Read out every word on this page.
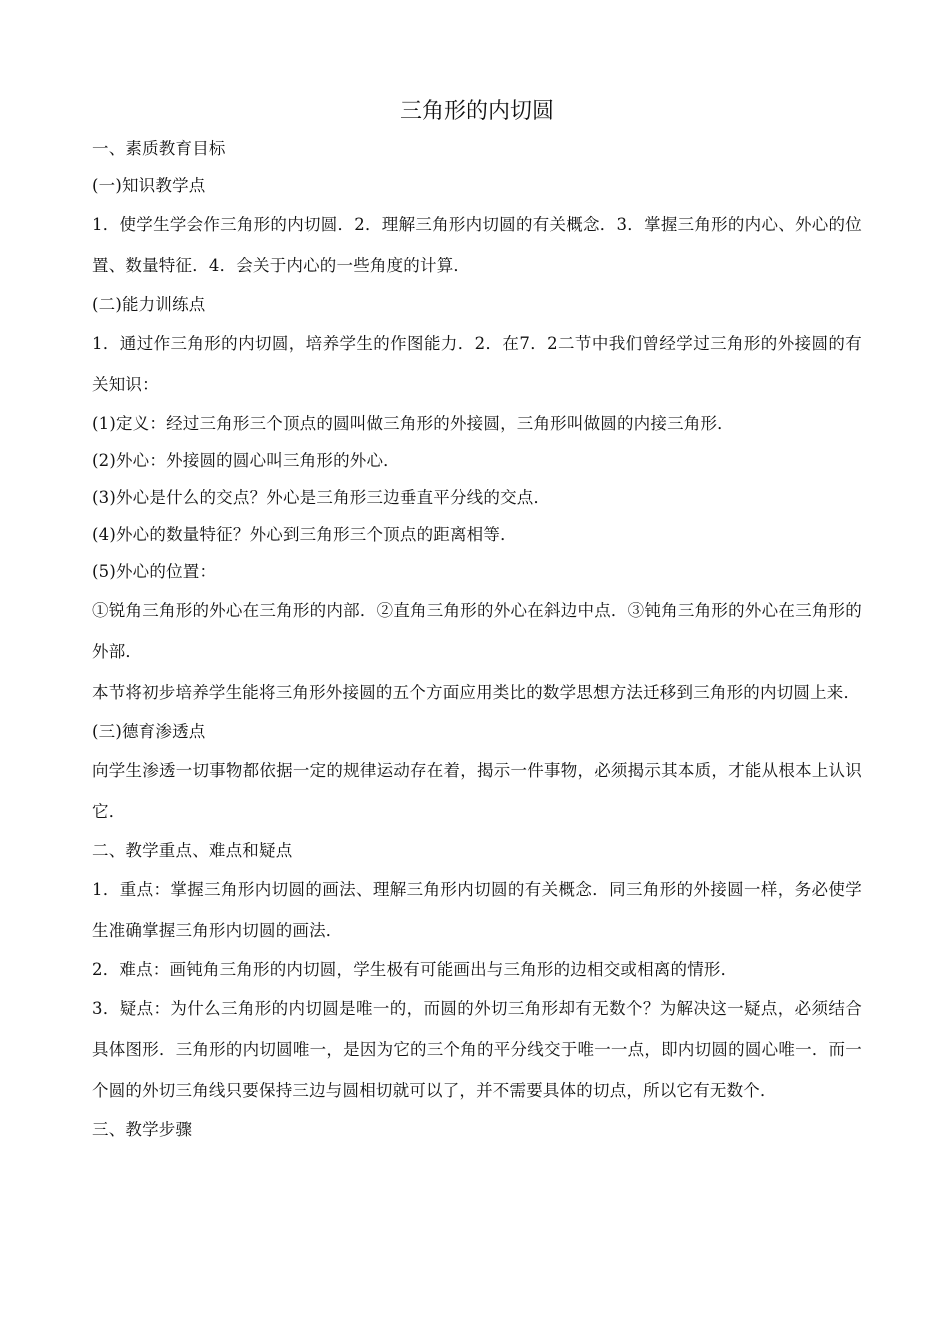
三角形的内切圆

一、素质教育目标

(一)知识教学点

1．使学生学会作三角形的内切圆．2．理解三角形内切圆的有关概念．3．掌握三角形的内心、外心的位置、数量特征．4．会关于内心的一些角度的计算．

(二)能力训练点

1．通过作三角形的内切圆，培养学生的作图能力．2．在7．2二节中我们曾经学过三角形的外接圆的有关知识：

(1)定义：经过三角形三个顶点的圆叫做三角形的外接圆，三角形叫做圆的内接三角形．

(2)外心：外接圆的圆心叫三角形的外心．

(3)外心是什么的交点？外心是三角形三边垂直平分线的交点．

(4)外心的数量特征？外心到三角形三个顶点的距离相等．

(5)外心的位置：

①锐角三角形的外心在三角形的内部．②直角三角形的外心在斜边中点．③钝角三角形的外心在三角形的外部．

本节将初步培养学生能将三角形外接圆的五个方面应用类比的数学思想方法迁移到三角形的内切圆上来．

(三)德育渗透点

向学生渗透一切事物都依据一定的规律运动存在着，揭示一件事物，必须揭示其本质，才能从根本上认识它．

二、教学重点、难点和疑点

1．重点：掌握三角形内切圆的画法、理解三角形内切圆的有关概念．同三角形的外接圆一样，务必使学生准确掌握三角形内切圆的画法．

2．难点：画钝角三角形的内切圆，学生极有可能画出与三角形的边相交或相离的情形．

3．疑点：为什么三角形的内切圆是唯一的，而圆的外切三角形却有无数个？为解决这一疑点，必须结合具体图形．三角形的内切圆唯一，是因为它的三个角的平分线交于唯一一点，即内切圆的圆心唯一．而一个圆的外切三角线只要保持三边与圆相切就可以了，并不需要具体的切点，所以它有无数个．

三、教学步骤
